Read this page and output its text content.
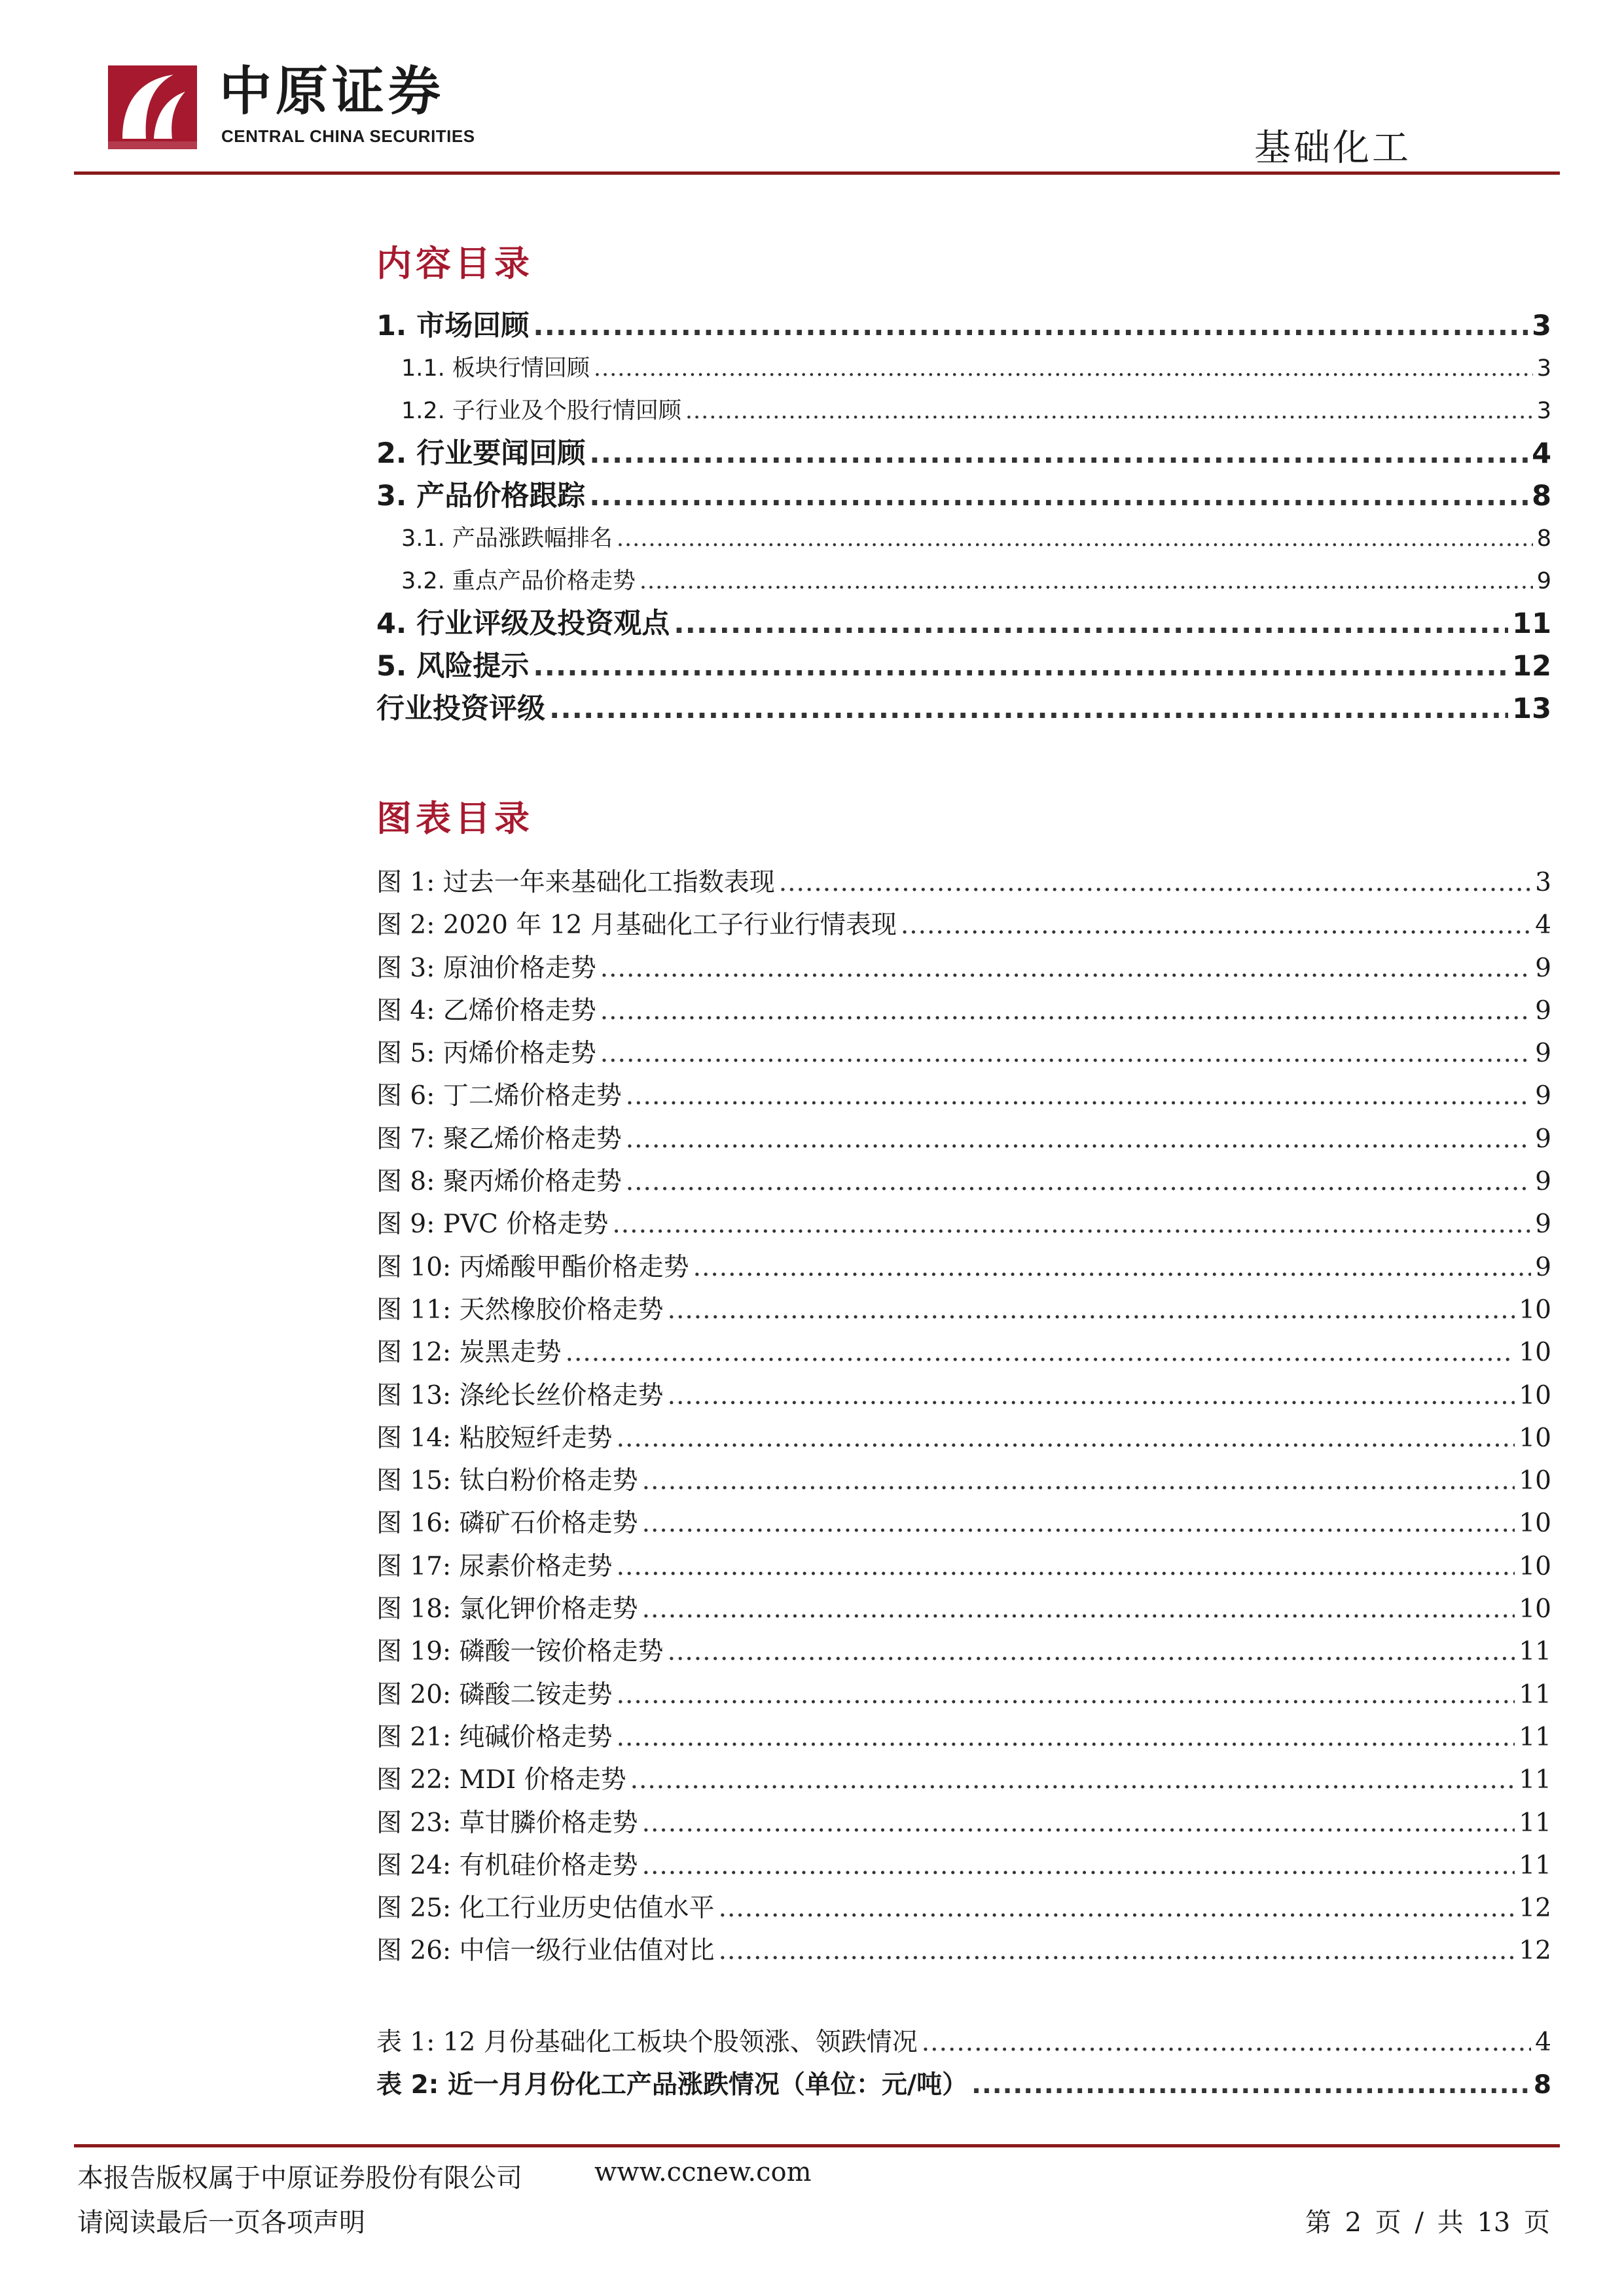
中原证券
CENTRAL CHINA SECURITIES	基础化工
内容目录
1. 市场回顾 .....	3
1.1. 板块行情回顾 .....	3
1.2. 子行业及个股行情回顾 .....	3
2. 行业要闻回顾 .....	4
3. 产品价格跟踪 .....	8
3.1. 产品涨跌幅排名 .....	8
3.2. 重点产品价格走势 .....	9
4. 行业评级及投资观点 .....	11
5. 风险提示 .....	12
行业投资评级 .....	13
图表目录
图 1: 过去一年来基础化工指数表现 .....	3
图 2: 2020 年 12 月基础化工子行业行情表现 .....	4
图 3: 原油价格走势 .....	9
图 4: 乙烯价格走势 .....	9
图 5: 丙烯价格走势 .....	9
图 6: 丁二烯价格走势 .....	9
图 7: 聚乙烯价格走势 .....	9
图 8: 聚丙烯价格走势 .....	9
图 9: PVC 价格走势 .....	9
图 10: 丙烯酸甲酯价格走势 .....	9
图 11: 天然橡胶价格走势 .....	10
图 12: 炭黑走势 .....	10
图 13: 涤纶长丝价格走势 .....	10
图 14: 粘胶短纤走势 .....	10
图 15: 钛白粉价格走势 .....	10
图 16: 磷矿石价格走势 .....	10
图 17: 尿素价格走势 .....	10
图 18: 氯化钾价格走势 .....	10
图 19: 磷酸一铵价格走势 .....	11
图 20: 磷酸二铵走势 .....	11
图 21: 纯碱价格走势 .....	11
图 22: MDI 价格走势 .....	11
图 23: 草甘膦价格走势 .....	11
图 24: 有机硅价格走势 .....	11
图 25: 化工行业历史估值水平 .....	12
图 26: 中信一级行业估值对比 .....	12
表 1: 12 月份基础化工板块个股领涨、领跌情况 .....	4
表 2: 近一月月份化工产品涨跌情况（单位：元/吨） .....	8
本报告版权属于中原证券股份有限公司	www.ccnew.com
请阅读最后一页各项声明	第 2 页 / 共 13 页
